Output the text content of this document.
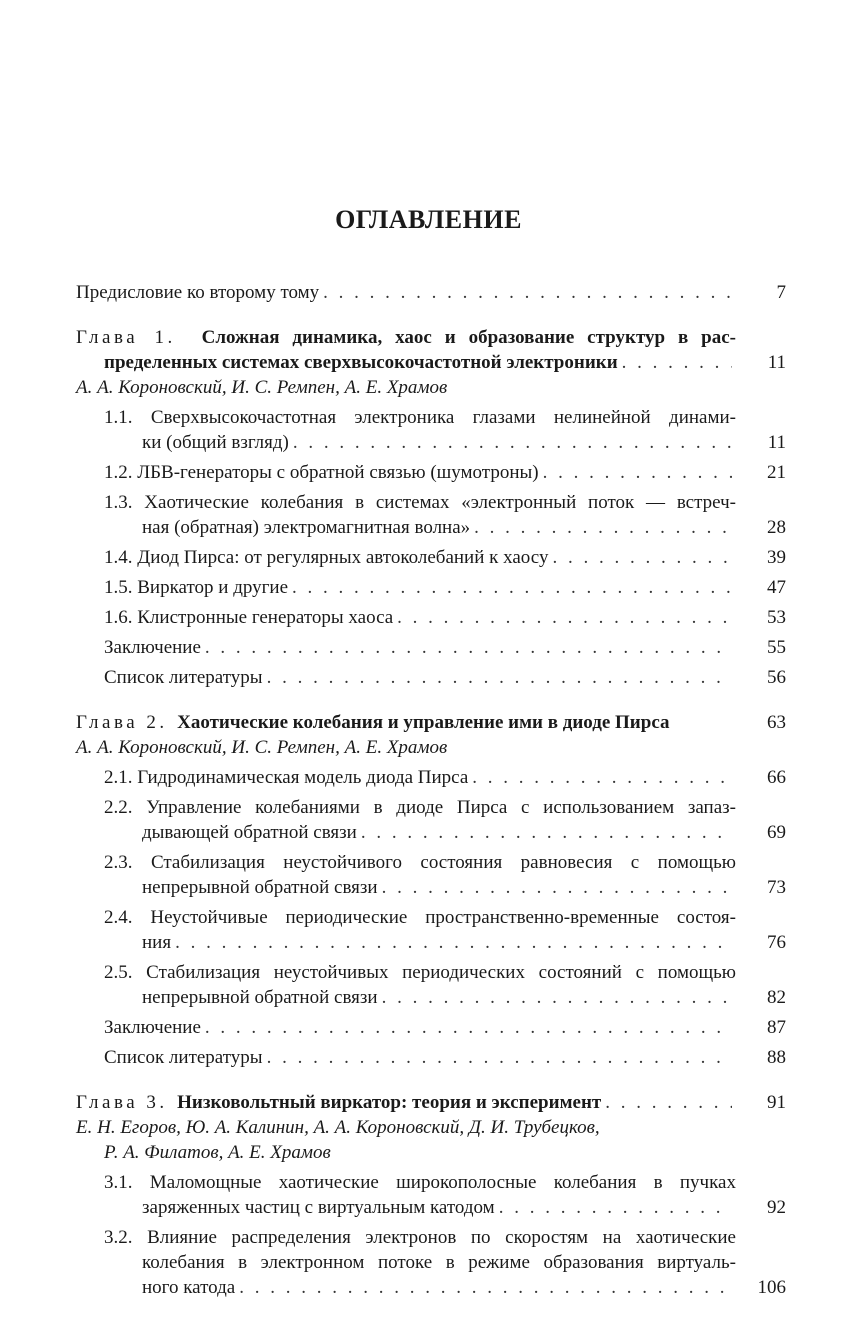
ОГЛАВЛЕНИЕ
Предисловие ко второму тому . . .	7
Глава 1. Сложная динамика, хаос и образование структур в рас-
пределенных системах сверхвысокочастотной электроники . . .	11
А. А. Короновский, И. С. Ремпен, А. Е. Храмов
1.1. Сверхвысокочастотная электроника глазами нелинейной динами-
ки (общий взгляд) . . .	11
1.2. ЛБВ-генераторы с обратной связью (шумотроны) . . .	21
1.3. Хаотические колебания в системах «электронный поток — встреч-
ная (обратная) электромагнитная волна» . . .	28
1.4. Диод Пирса: от регулярных автоколебаний к хаосу . . .	39
1.5. Виркатор и другие . . .	47
1.6. Клистронные генераторы хаоса . . .	53
Заключение . . .	55
Список литературы . . .	56
Глава 2. Хаотические колебания и управление ими в диоде Пирса	63
А. А. Короновский, И. С. Ремпен, А. Е. Храмов
2.1. Гидродинамическая модель диода Пирса . . .	66
2.2. Управление колебаниями в диоде Пирса с использованием запаз-
дывающей обратной связи . . .	69
2.3. Стабилизация неустойчивого состояния равновесия с помощью
непрерывной обратной связи . . .	73
2.4. Неустойчивые периодические пространственно-временные состоя-
ния . . .	76
2.5. Стабилизация неустойчивых периодических состояний с помощью
непрерывной обратной связи . . .	82
Заключение . . .	87
Список литературы . . .	88
Глава 3. Низковольтный виркатор: теория и эксперимент . . .	91
Е. Н. Егоров, Ю. А. Калинин, А. А. Короновский, Д. И. Трубецков,
Р. А. Филатов, А. Е. Храмов
3.1. Маломощные хаотические широкополосные колебания в пучках
заряженных частиц с виртуальным катодом . . .	92
3.2. Влияние распределения электронов по скоростям на хаотические
колебания в электронном потоке в режиме образования виртуаль-
ного катода . . .	106
